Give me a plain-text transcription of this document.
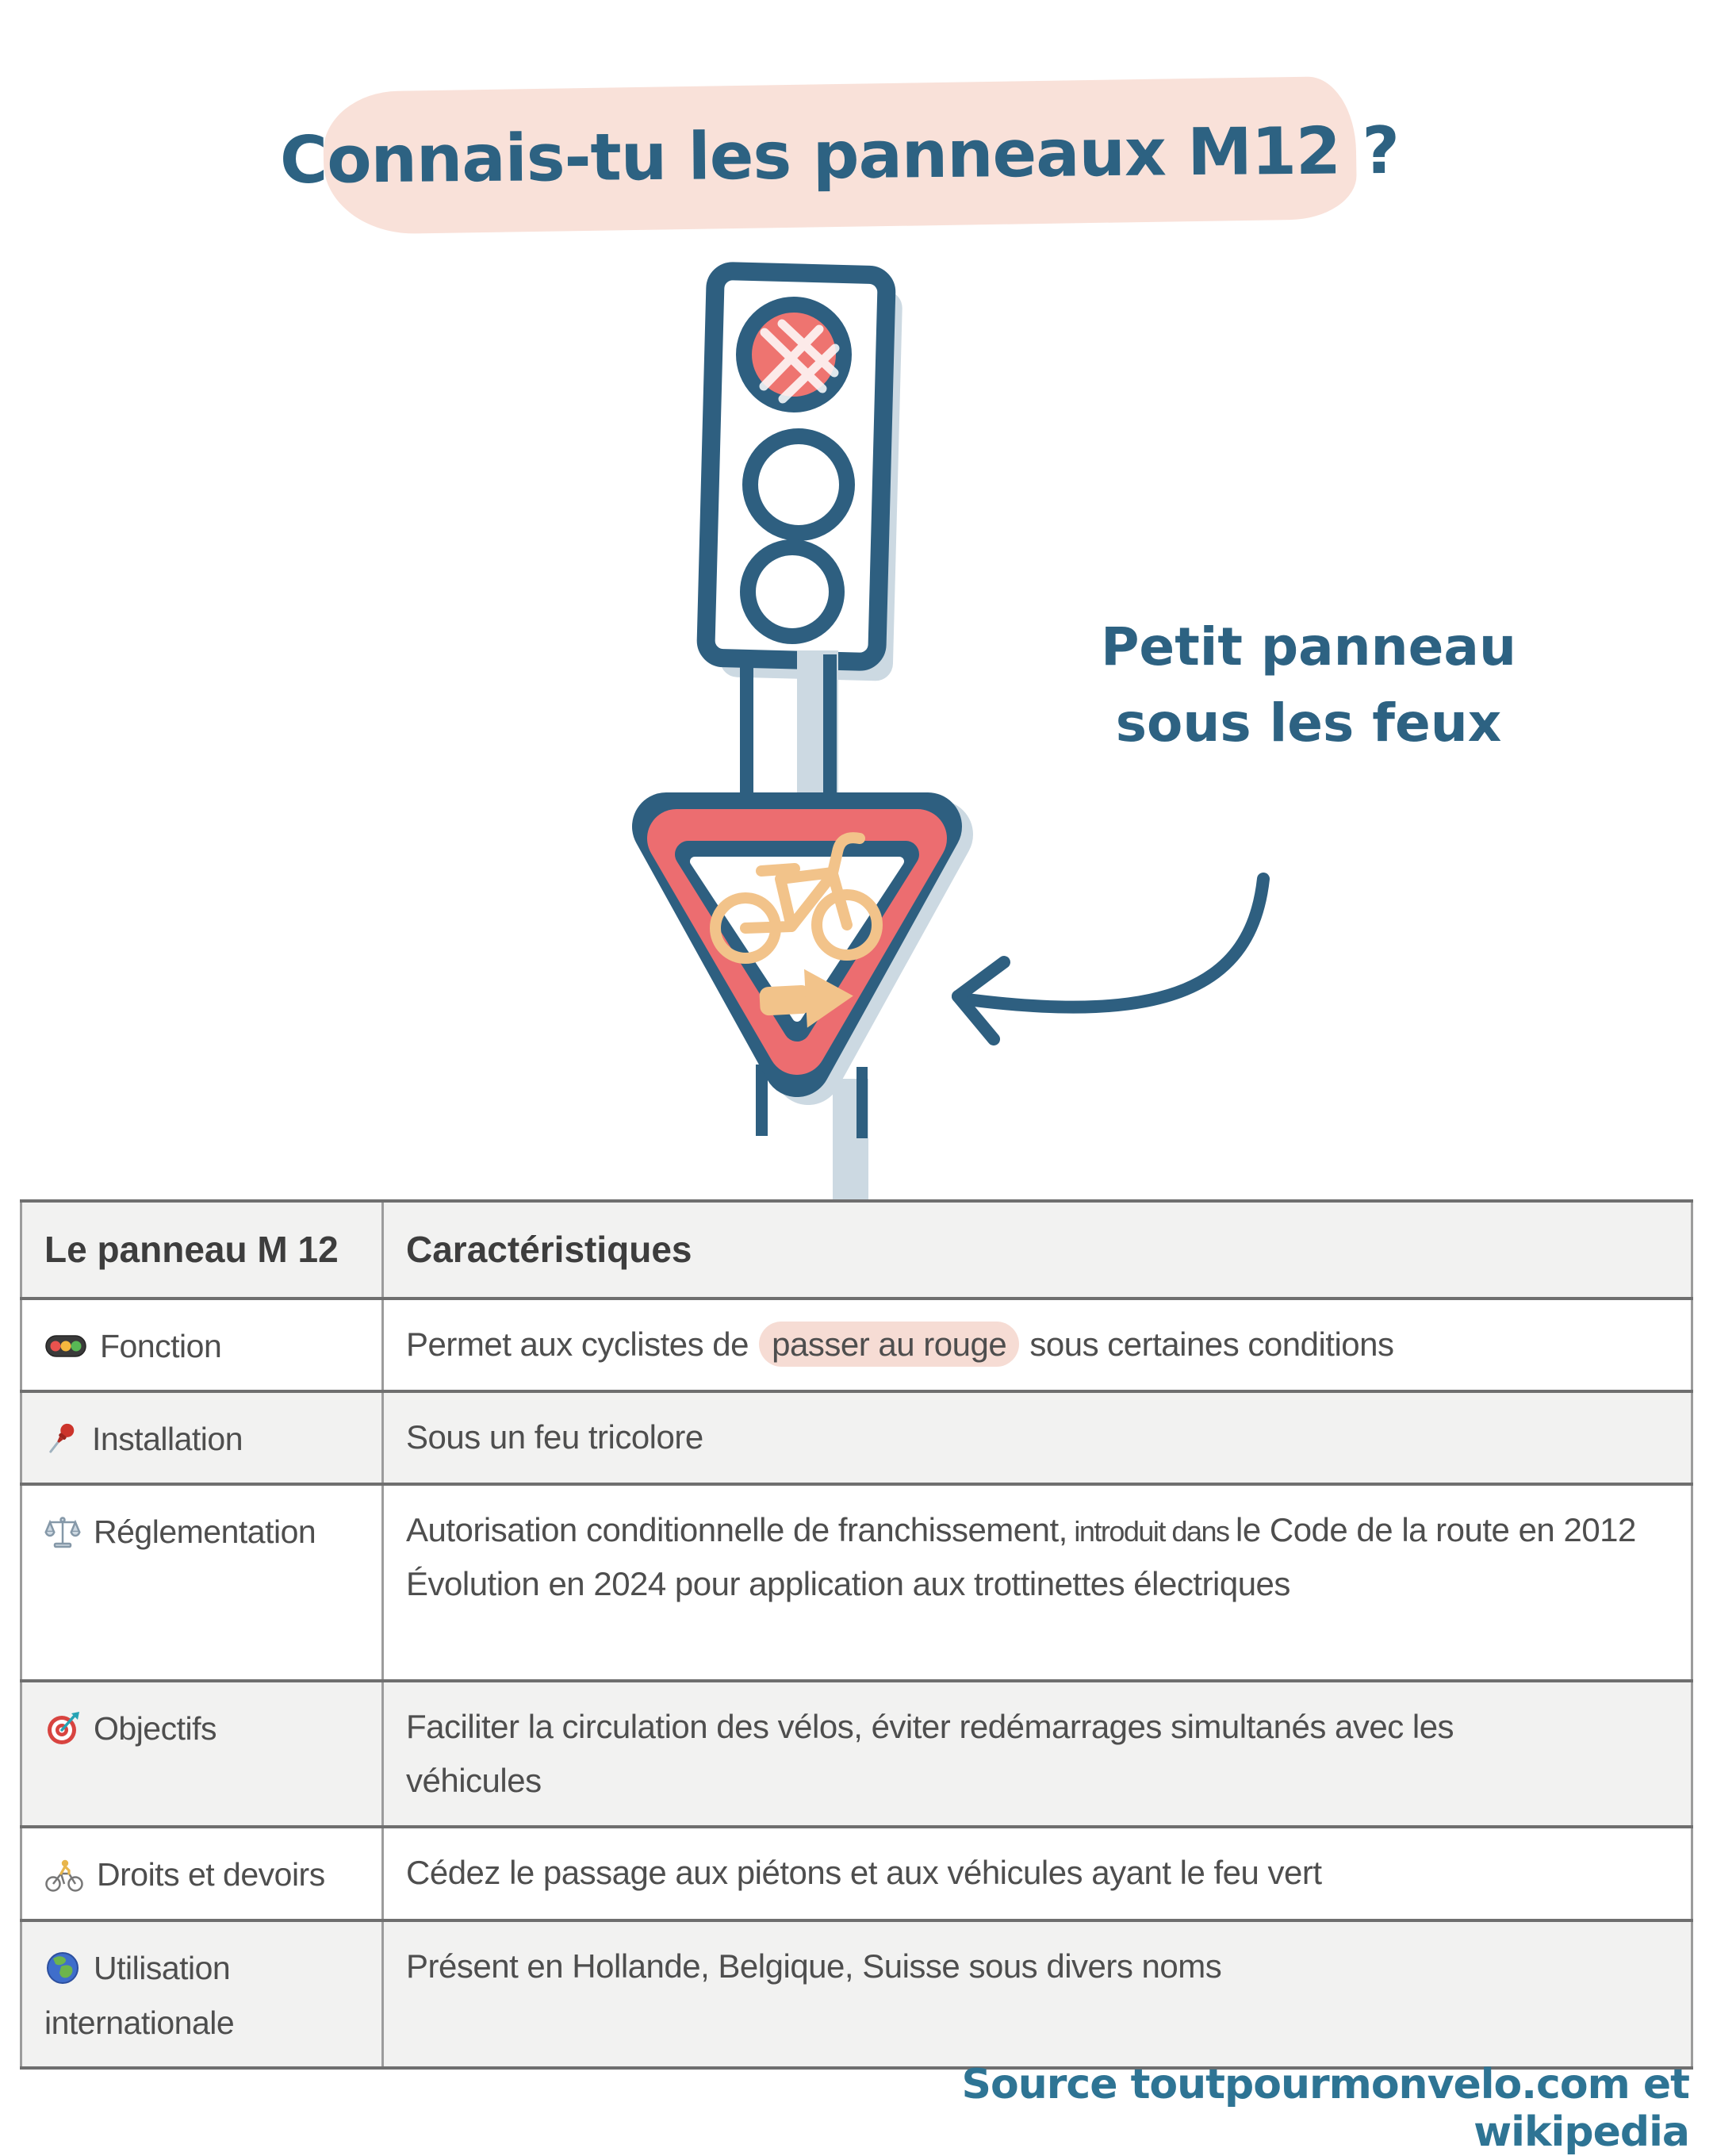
Connais-tu les panneaux M12 ?
Petit panneau
sous les feux
Le panneau M 12	Caractéristiques
Fonction	Permet aux cyclistes de passer au rouge sous certaines conditions
Installation	Sous un feu tricolore
Réglementation	Autorisation conditionnelle de franchissement, introduit dans le Code de la route en 2012
Évolution en 2024 pour application aux trottinettes électriques
Objectifs	Faciliter la circulation des vélos, éviter redémarrages simultanés avec les
véhicules
Droits et devoirs	Cédez le passage aux piétons et aux véhicules ayant le feu vert
Utilisation internationale	Présent en Hollande, Belgique, Suisse sous divers noms
Source toutpourmonvelo.com et wikipedia
